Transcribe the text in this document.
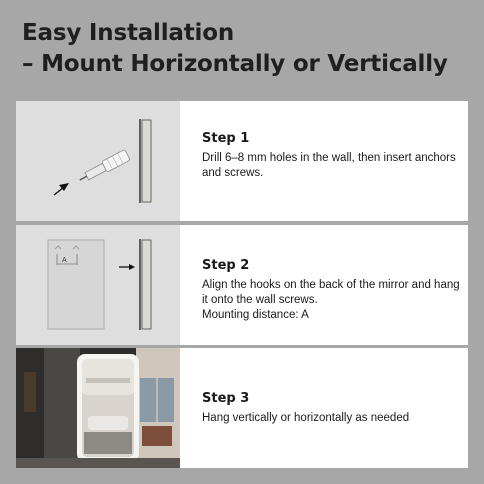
Easy Installation
– Mount Horizontally or Vertically
Step 1
Drill 6–8 mm holes in the wall, then insert anchors and screws.
A	Step 2
Align the hooks on the back of the mirror and hang it onto the wall screws.
Mounting distance: A
Step 3
Hang vertically or horizontally as needed
